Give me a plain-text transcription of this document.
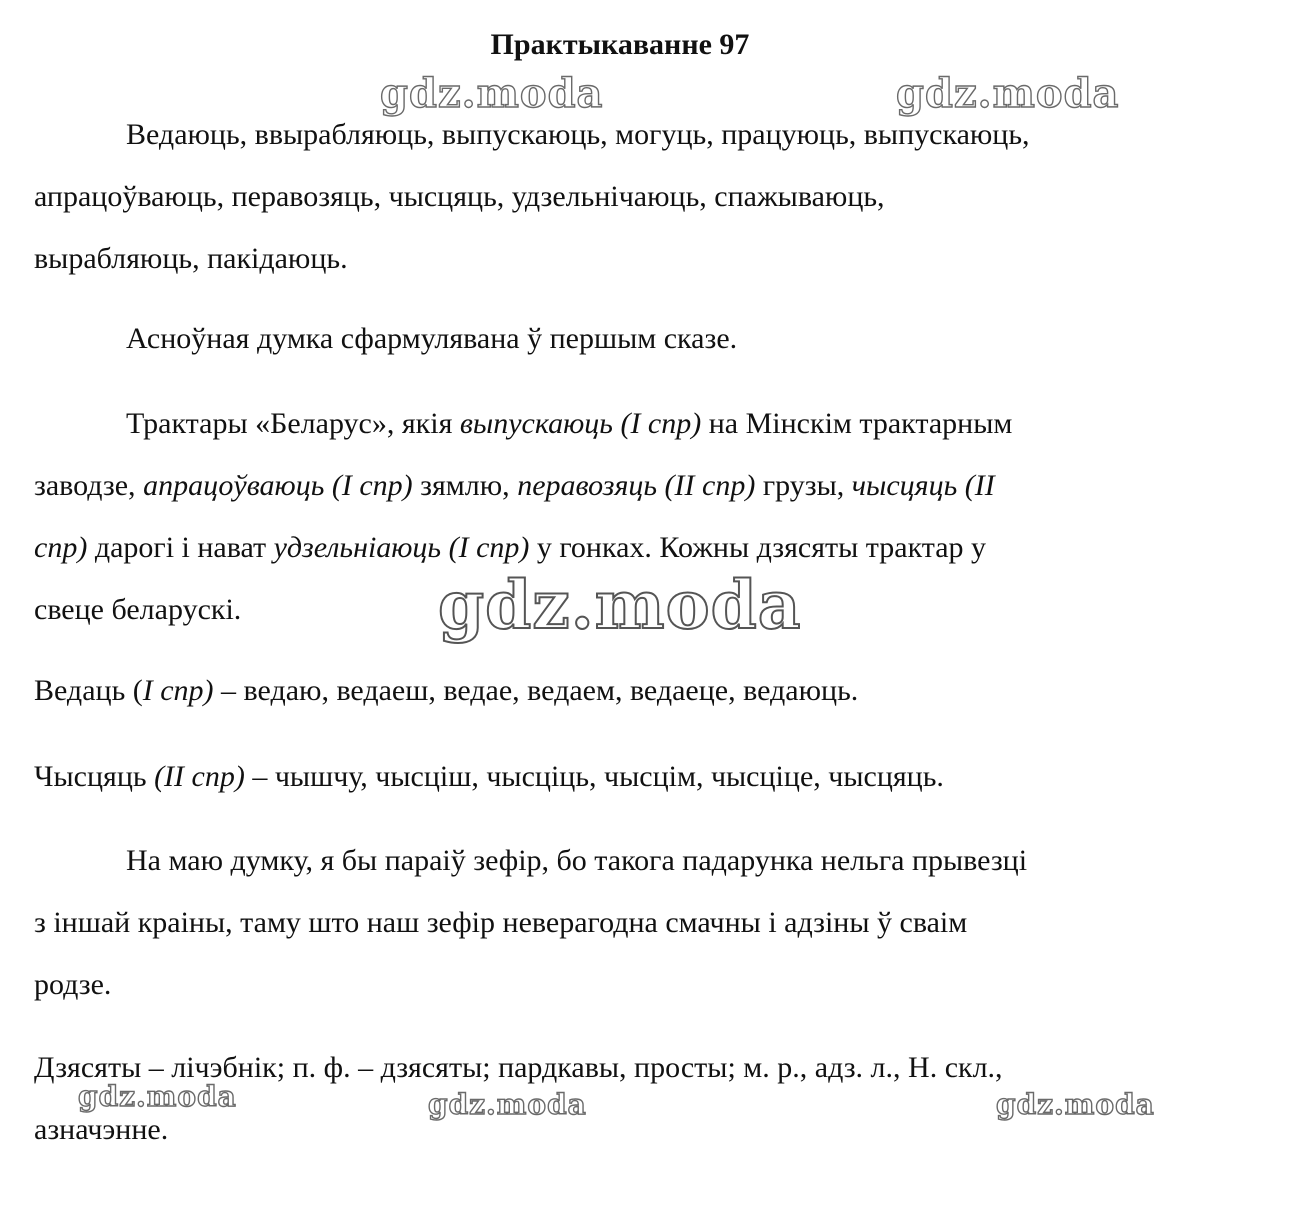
Практыкаванне 97

Ведаюць, ввырабляюць, выпускаюць, могуць, працуюць, выпускаюць,
апрацоўваюць, перавозяць, чысцяць, удзельнічаюць, спажываюць,
вырабляюць, пакідаюць.

Асноўная думка сфармулявана ў першым сказе.

Трактары «Беларус», якія выпускаюць (I спр) на Мінскім трактарным
заводзе, апрацоўваюць (I спр) зямлю, перавозяць (II спр) грузы, чысцяць (II
спр) дарогі і нават удзельніаюць (I спр) у гонках. Кожны дзясяты трактар у
свеце беларускі.

Ведаць (I спр) – ведаю, ведаеш, ведае, ведаем, ведаеце, ведаюць.

Чысцяць (II спр) – чышчу, чысціш, чысціць, чысцім, чысціце, чысцяць.

На маю думку, я бы параіў зефір, бо такога падарунка нельга прывезці
з іншай краіны, таму што наш зефір неверагодна смачны і адзіны ў сваім
родзе.

Дзясяты – лічэбнік; п. ф. – дзясяты; пардкавы, просты; м. р., адз. л., Н. скл.,
азначэнне.

gdz.moda	gdz.moda
gdz.moda
gdz.moda	gdz.moda	gdz.moda
